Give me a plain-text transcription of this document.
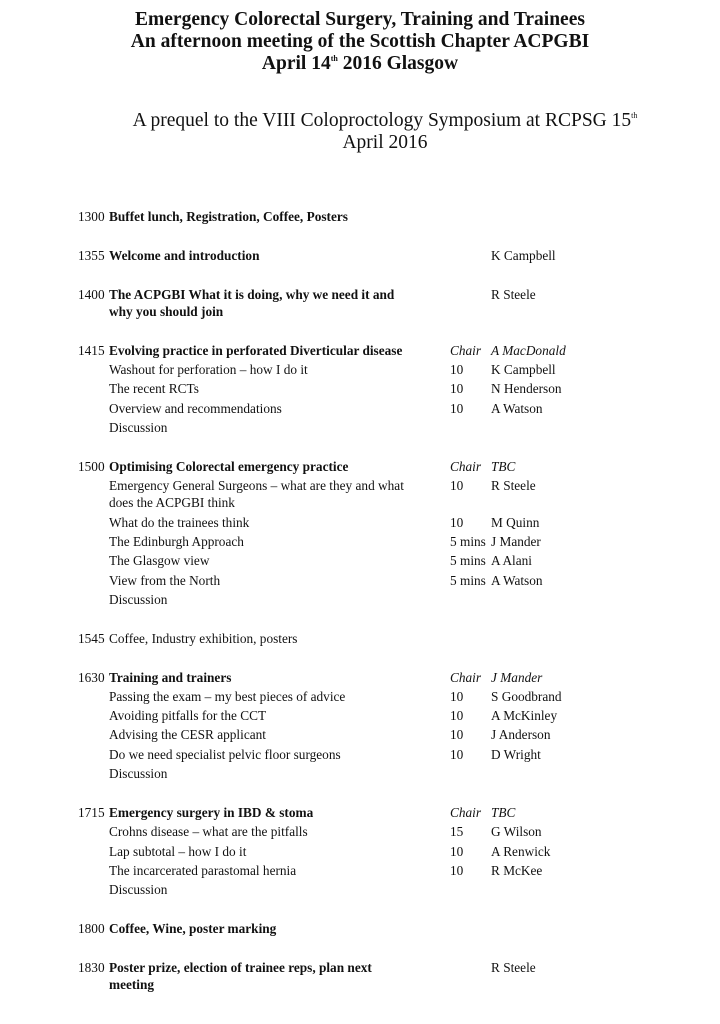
Emergency Colorectal Surgery, Training and Trainees
An afternoon meeting of the Scottish Chapter ACPGBI
April 14th 2016 Glasgow
A prequel to the VIII Coloproctology Symposium at RCPSG 15th
April 2016
1300 Buffet lunch, Registration, Coffee, Posters
1355 Welcome and introduction	K Campbell
1400 The ACPGBI What it is doing, why we need it and	R Steele
why you should join
1415 Evolving practice in perforated Diverticular disease	Chair A MacDonald
Washout for perforation – how I do it	10 K Campbell
The recent RCTs	10 N Henderson
Overview and recommendations	10 A Watson
Discussion
1500 Optimising Colorectal emergency practice	Chair TBC
Emergency General Surgeons – what are they and what	10 R Steele
does the ACPGBI think
What do the trainees think	10 M Quinn
The Edinburgh Approach	5 mins J Mander
The Glasgow view	5 mins A Alani
View from the North	5 mins A Watson
Discussion
1545 Coffee, Industry exhibition, posters
1630 Training and trainers	Chair J Mander
Passing the exam – my best pieces of advice	10 S Goodbrand
Avoiding pitfalls for the CCT	10 A McKinley
Advising the CESR applicant	10 J Anderson
Do we need specialist pelvic floor surgeons	10 D Wright
Discussion
1715 Emergency surgery in IBD & stoma	Chair TBC
Crohns disease – what are the pitfalls	15 G Wilson
Lap subtotal – how I do it	10 A Renwick
The incarcerated parastomal hernia	10 R McKee
Discussion
1800 Coffee, Wine, poster marking
1830 Poster prize, election of trainee reps, plan next	R Steele
meeting
